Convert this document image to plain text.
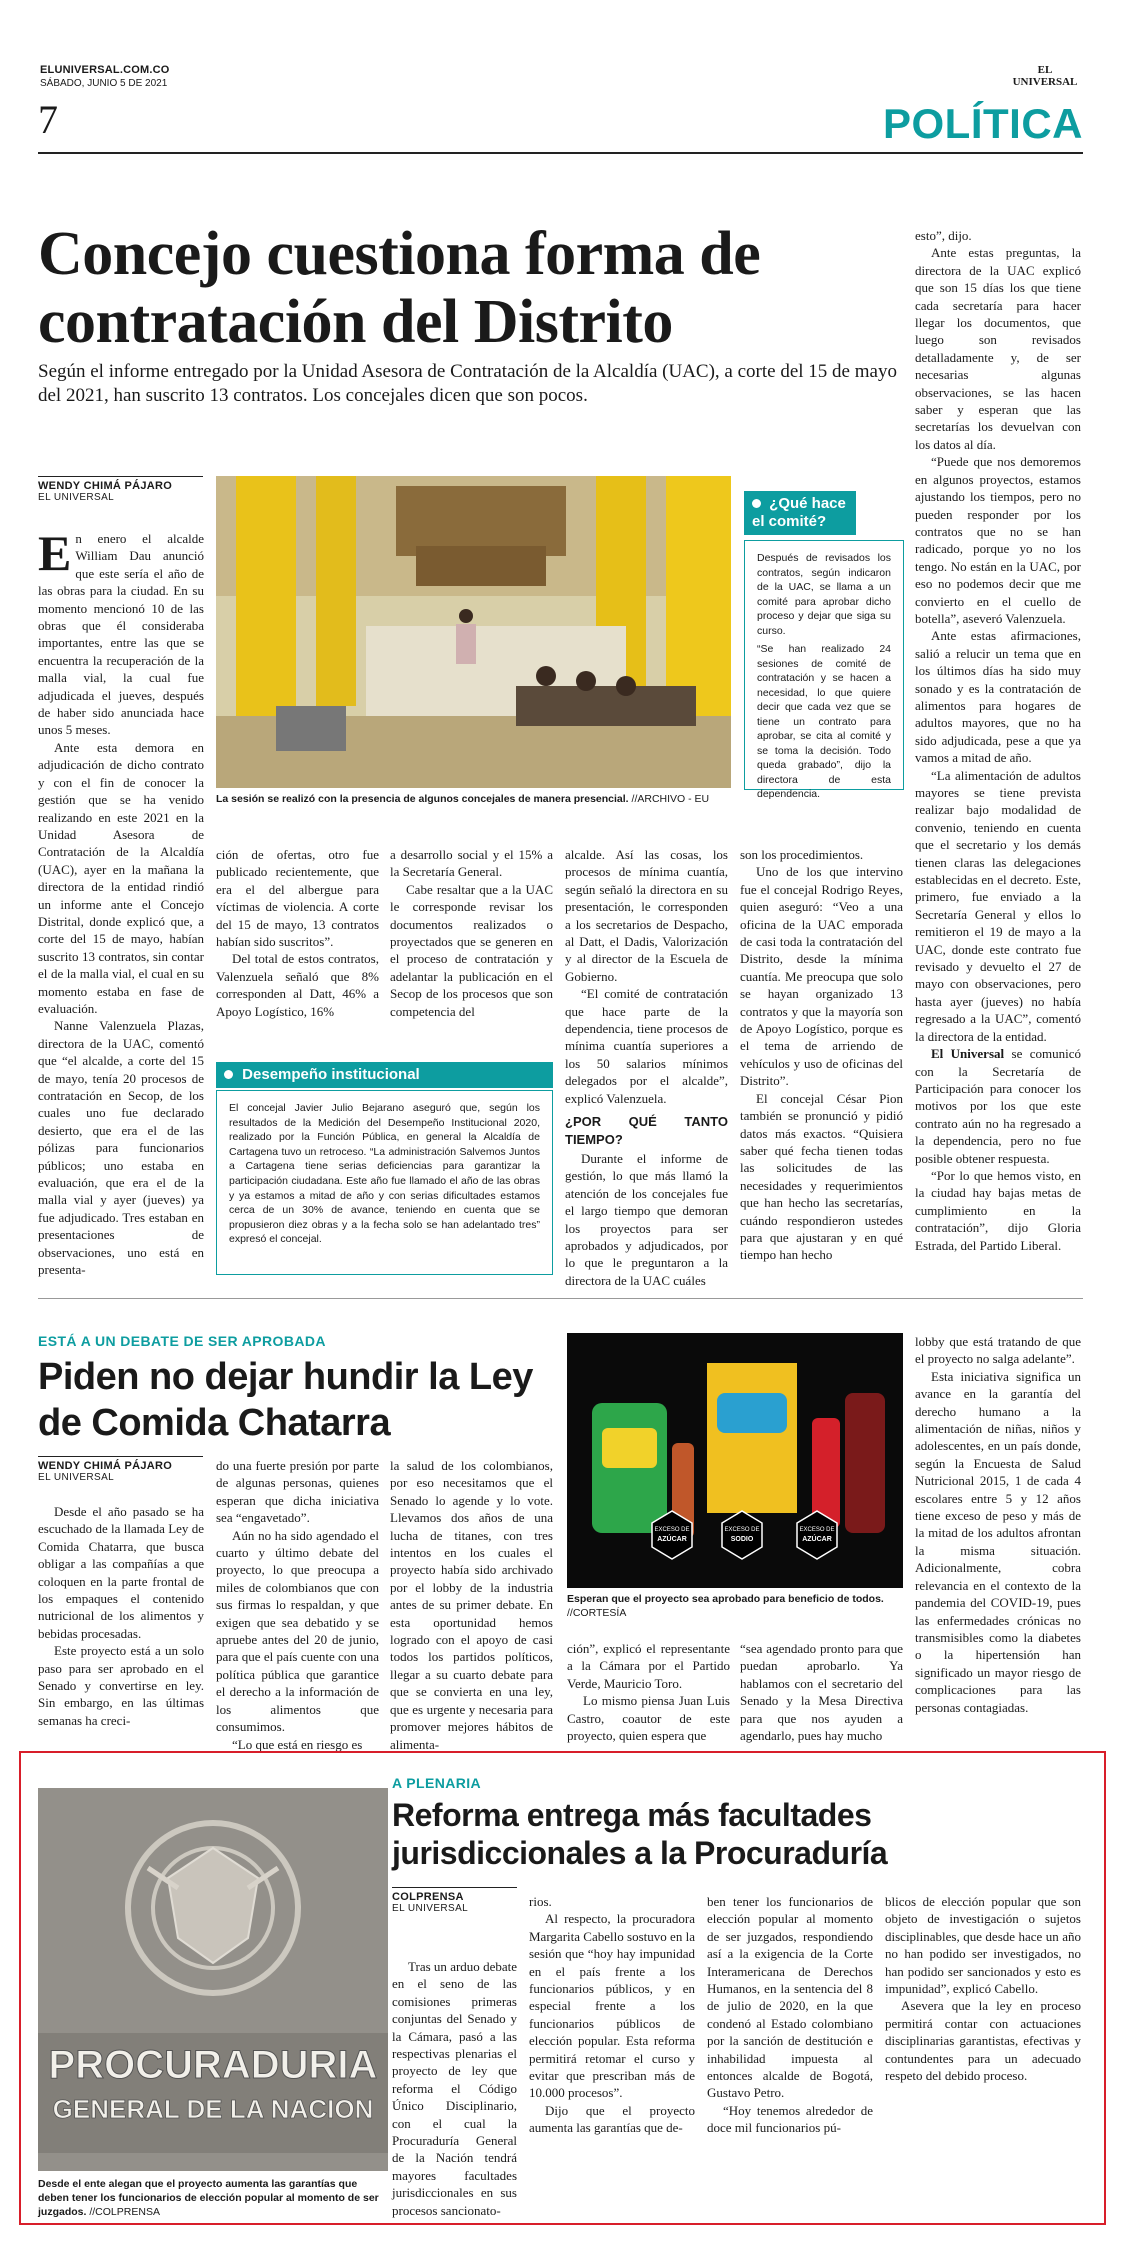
ELUNIVERSAL.COM.CO
SÁBADO, JUNIO 5 DE 2021
7
EL
UNIVERSAL
POLÍTICA
Concejo cuestiona forma de contratación del Distrito
Según el informe entregado por la Unidad Asesora de Contratación de la Alcaldía (UAC), a corte del 15 de mayo del 2021, han suscrito 13 contratos. Los concejales dicen que son pocos.
WENDY CHIMÁ PÁJARO
EL UNIVERSAL
La sesión se realizó con la presencia de algunos concejales de manera presencial. //ARCHIVO - EU
¿Qué hace el comité?

Después de revisados los contratos, según indicaron de la UAC, se llama a un comité para aprobar dicho proceso y dejar que siga su curso.

“Se han realizado 24 sesiones de comité de contratación y se hacen a necesidad, lo que quiere decir que cada vez que se tiene un contrato para aprobar, se cita al comité y se toma la decisión. Todo queda grabado”, dijo la directora de esta dependencia.

En enero el alcalde William Dau anunció que este sería el año de las obras para la ciudad. En su momento mencionó 10 de las obras que él consideraba importantes, entre las que se encuentra la recuperación de la malla vial, la cual fue adjudicada el jueves, después de haber sido anunciada hace unos 5 meses.

Ante esta demora en adjudicación de dicho contrato y con el fin de conocer la gestión que se ha venido realizando en este 2021 en la Unidad Asesora de Contratación de la Alcaldía (UAC), ayer en la mañana la directora de la entidad rindió un informe ante el Concejo Distrital, donde explicó que, a corte del 15 de mayo, habían suscrito 13 contratos, sin contar el de la malla vial, el cual en su momento estaba en fase de evaluación.

Nanne Valenzuela Plazas, directora de la UAC, comentó que “el alcalde, a corte del 15 de mayo, tenía 20 procesos de contratación en Secop, de los cuales uno fue declarado desierto, que era el de las pólizas para funcionarios públicos; uno estaba en evaluación, que era el de la malla vial y ayer (jueves) ya fue adjudicado. Tres estaban en presentaciones de observaciones, uno está en presenta-

ción de ofertas, otro fue publicado recientemente, que era el del albergue para víctimas de violencia. A corte del 15 de mayo, 13 contratos habían sido suscritos”.

Del total de estos contratos, Valenzuela señaló que 8% corresponden al Datt, 46% a Apoyo Logístico, 16%

a desarrollo social y el 15% a la Secretaría General.

Cabe resaltar que a la UAC le corresponde revisar los documentos realizados o proyectados que se generen en el proceso de contratación y adelantar la publicación en el Secop de los procesos que son competencia del

Desempeño institucional

El concejal Javier Julio Bejarano aseguró que, según los resultados de la Medición del Desempeño Institucional 2020, realizado por la Función Pública, en general la Alcaldía de Cartagena tuvo un retroceso. “La administración Salvemos Juntos a Cartagena tiene serias deficiencias para garantizar la participación ciudadana. Este año fue llamado el año de las obras y ya estamos a mitad de año y con serias dificultades estamos cerca de un 30% de avance, teniendo en cuenta que se propusieron diez obras y a la fecha solo se han adelantado tres” expresó el concejal.

alcalde. Así las cosas, los procesos de mínima cuantía, según señaló la directora en su presentación, le corresponden a los secretarios de Despacho, al Datt, el Dadis, Valorización y al director de la Escuela de Gobierno.

“El comité de contratación que hace parte de la dependencia, tiene procesos de mínima cuantía superiores a los 50 salarios mínimos delegados por el alcalde”, explicó Valenzuela.

¿POR QUÉ TANTO TIEMPO?

Durante el informe de gestión, lo que más llamó la atención de los concejales fue el largo tiempo que demoran los proyectos para ser aprobados y adjudicados, por lo que le preguntaron a la directora de la UAC cuáles

son los procedimientos.

Uno de los que intervino fue el concejal Rodrigo Reyes, quien aseguró: “Veo a una oficina de la UAC emporada de casi toda la contratación del Distrito, desde la mínima cuantía. Me preocupa que solo se hayan organizado 13 contratos y que la mayoría son de Apoyo Logístico, porque es el tema de arriendo de vehículos y uso de oficinas del Distrito”.

El concejal César Pion también se pronunció y pidió datos más exactos. “Quisiera saber qué fecha tienen todas las solicitudes de las necesidades y requerimientos que han hecho las secretarías, cuándo respondieron ustedes para que ajustaran y en qué tiempo han hecho

esto”, dijo.

Ante estas preguntas, la directora de la UAC explicó que son 15 días los que tiene cada secretaría para hacer llegar los documentos, que luego son revisados detalladamente y, de ser necesarias algunas observaciones, se las hacen saber y esperan que las secretarías los devuelvan con los datos al día.

“Puede que nos demoremos en algunos proyectos, estamos ajustando los tiempos, pero no pueden responder por los contratos que no se han radicado, porque yo no los tengo. No están en la UAC, por eso no podemos decir que me convierto en el cuello de botella”, aseveró Valenzuela.

Ante estas afirmaciones, salió a relucir un tema que en los últimos días ha sido muy sonado y es la contratación de alimentos para hogares de adultos mayores, que no ha sido adjudicada, pese a que ya vamos a mitad de año.

“La alimentación de adultos mayores se tiene prevista realizar bajo modalidad de convenio, teniendo en cuenta que el secretario y los demás tienen claras las delegaciones establecidas en el decreto. Este, primero, fue enviado a la Secretaría General y ellos lo remitieron el 19 de mayo a la UAC, donde este contrato fue revisado y devuelto el 27 de mayo con observaciones, pero hasta ayer (jueves) no había regresado a la UAC”, comentó la directora de la entidad.

El Universal se comunicó con la Secretaría de Participación para conocer los motivos por los que este contrato aún no ha regresado a la dependencia, pero no fue posible obtener respuesta.

“Por lo que hemos visto, en la ciudad hay bajas metas de cumplimiento en la contratación”, dijo Gloria Estrada, del Partido Liberal.

ESTÁ A UN DEBATE DE SER APROBADA
Piden no dejar hundir la Ley de Comida Chatarra
WENDY CHIMÁ PÁJARO
EL UNIVERSAL
EXCESO DE
AZÚCAR
EXCESO DE
SODIO
EXCESO DE
AZÚCAR
Esperan que el proyecto sea aprobado para beneficio de todos. //CORTESÍA

Desde el año pasado se ha escuchado de la llamada Ley de Comida Chatarra, que busca obligar a las compañías a que coloquen en la parte frontal de los empaques el contenido nutricional de los alimentos y bebidas procesadas.

Este proyecto está a un solo paso para ser aprobado en el Senado y convertirse en ley. Sin embargo, en las últimas semanas ha creci-

do una fuerte presión por parte de algunas personas, quienes esperan que dicha iniciativa sea “engavetado”.

Aún no ha sido agendado el cuarto y último debate del proyecto, lo que preocupa a miles de colombianos que con sus firmas lo respaldan, y que exigen que sea debatido y se apruebe antes del 20 de junio, para que el país cuente con una política pública que garantice el derecho a la información de los alimentos que consumimos.

“Lo que está en riesgo es

la salud de los colombianos, por eso necesitamos que el Senado lo agende y lo vote. Llevamos dos años de una lucha de titanes, con tres intentos en los cuales el proyecto había sido archivado por el lobby de la industria antes de su primer debate. En esta oportunidad hemos logrado con el apoyo de casi todos los partidos políticos, llegar a su cuarto debate para que se convierta en una ley, que es urgente y necesaria para promover mejores hábitos de alimenta-

ción”, explicó el representante a la Cámara por el Partido Verde, Mauricio Toro.

Lo mismo piensa Juan Luis Castro, coautor de este proyecto, quien espera que

“sea agendado pronto para que puedan aprobarlo. Ya hablamos con el secretario del Senado y la Mesa Directiva para que nos ayuden a agendarlo, pues hay mucho

lobby que está tratando de que el proyecto no salga adelante”.

Esta iniciativa significa un avance en la garantía del derecho humano a la alimentación de niñas, niños y adolescentes, en un país donde, según la Encuesta de Salud Nutricional 2015, 1 de cada 4 escolares entre 5 y 12 años tiene exceso de peso y más de la mitad de los adultos afrontan la misma situación. Adicionalmente, cobra relevancia en el contexto de la pandemia del COVID-19, pues las enfermedades crónicas no transmisibles como la diabetes o la hipertensión han significado un mayor riesgo de complicaciones para las personas contagiadas.

PROCURADURIA
GENERAL DE LA NACION
Desde el ente alegan que el proyecto aumenta las garantías que deben tener los funcionarios de elección popular al momento de ser juzgados. //COLPRENSA
A PLENARIA
Reforma entrega más facultades jurisdiccionales a la Procuraduría
COLPRENSA
EL UNIVERSAL

Tras un arduo debate en el seno de las comisiones primeras conjuntas del Senado y la Cámara, pasó a las respectivas plenarias el proyecto de ley que reforma el Código Único Disciplinario, con el cual la Procuraduría General de la Nación tendrá mayores facultades jurisdiccionales en sus procesos sancionato-

rios.

Al respecto, la procuradora Margarita Cabello sostuvo en la sesión que “hoy hay impunidad en el país frente a los funcionarios públicos, y en especial frente a los funcionarios públicos de elección popular. Esta reforma permitirá retomar el curso y evitar que prescriban más de 10.000 procesos”.

Dijo que el proyecto aumenta las garantías que de-

ben tener los funcionarios de elección popular al momento de ser juzgados, respondiendo así a la exigencia de la Corte Interamericana de Derechos Humanos, en la sentencia del 8 de julio de 2020, en la que condenó al Estado colombiano por la sanción de destitución e inhabilidad impuesta al entonces alcalde de Bogotá, Gustavo Petro.

“Hoy tenemos alrededor de doce mil funcionarios pú-

blicos de elección popular que son objeto de investigación o sujetos disciplinables, que desde hace un año no han podido ser investigados, no han podido ser sancionados y esto es impunidad”, explicó Cabello.

Asevera que la ley en proceso permitirá contar con actuaciones disciplinarias garantistas, efectivas y contundentes para un adecuado respeto del debido proceso.
